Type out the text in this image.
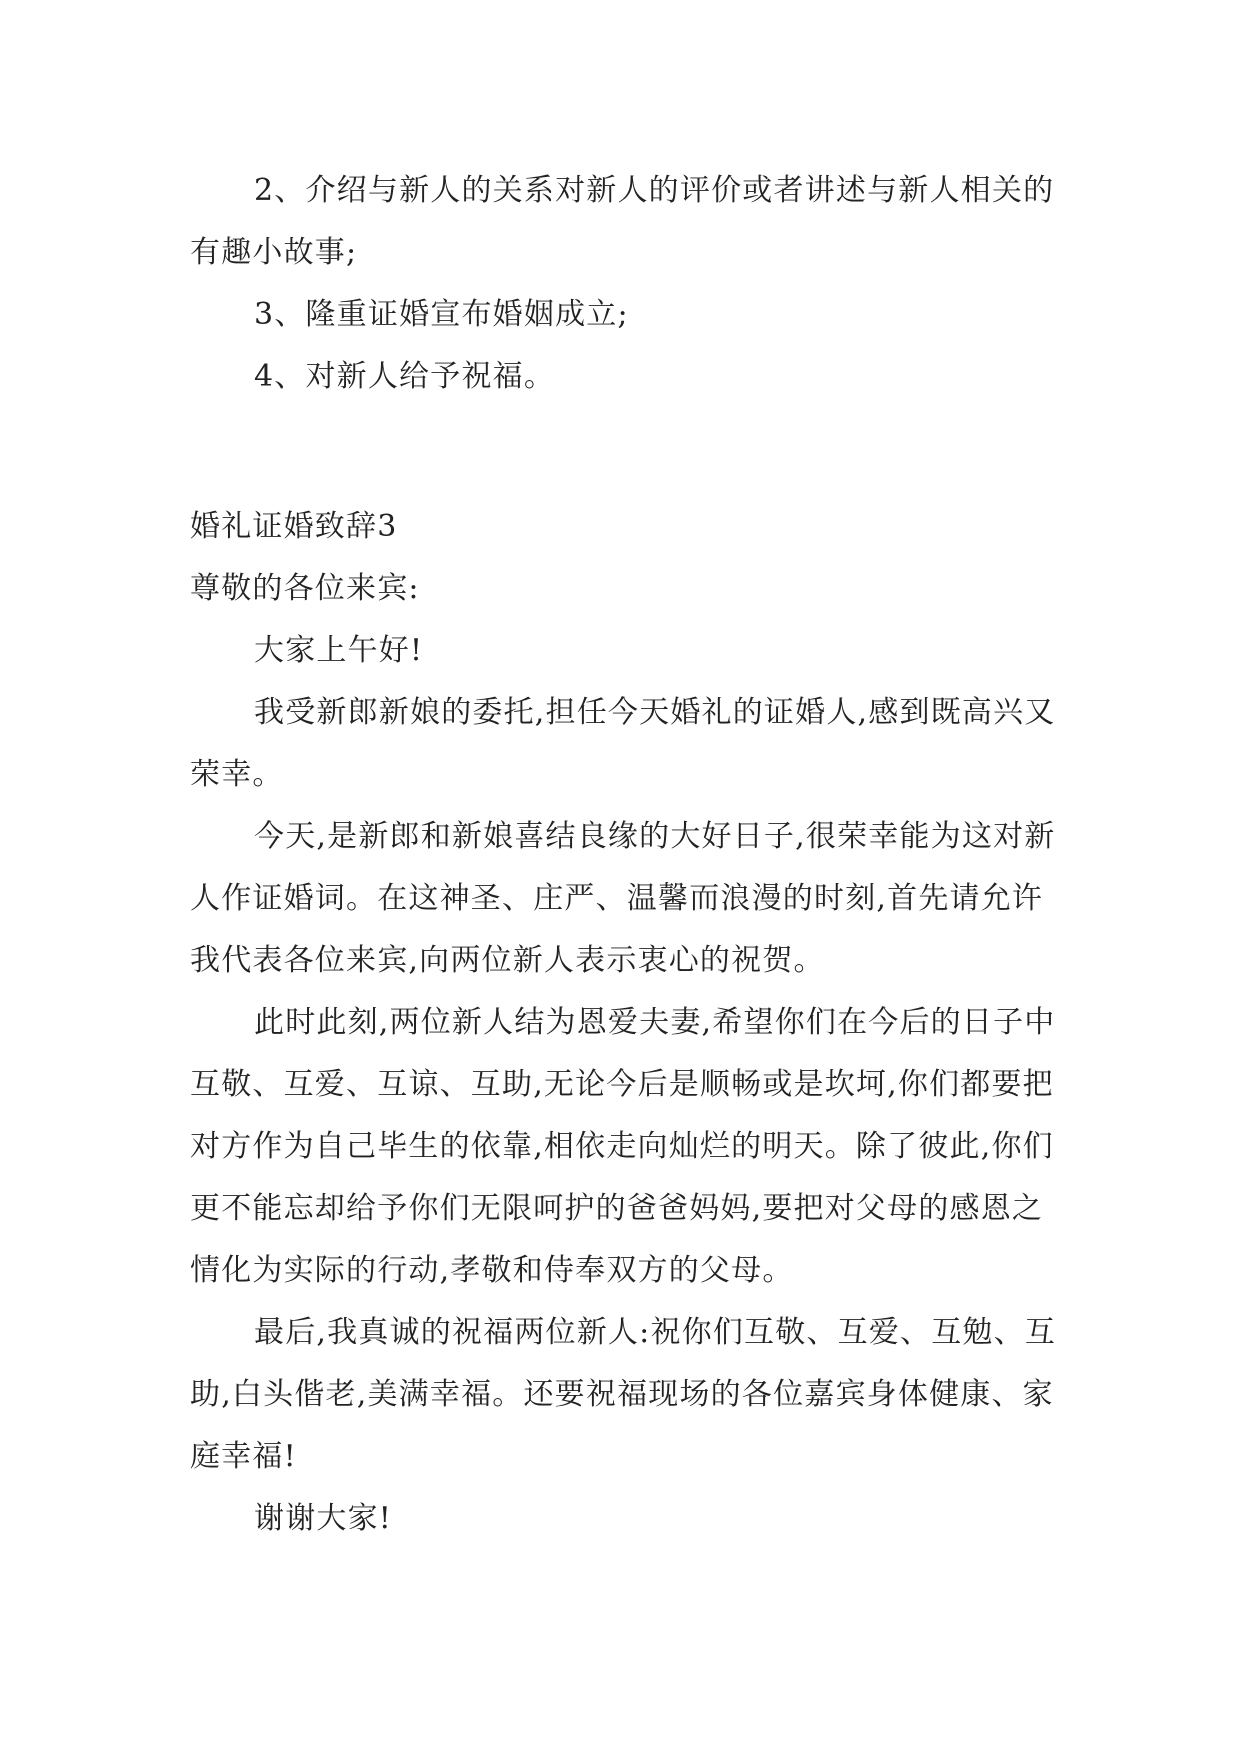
2、介绍与新人的关系对新人的评价或者讲述与新人相关的有趣小故事;

3、隆重证婚宣布婚姻成立;

4、对新人给予祝福。

婚礼证婚致辞3

尊敬的各位来宾:

大家上午好!

我受新郎新娘的委托,担任今天婚礼的证婚人,感到既高兴又荣幸。

今天,是新郎和新娘喜结良缘的大好日子,很荣幸能为这对新人作证婚词。在这神圣、庄严、温馨而浪漫的时刻,首先请允许我代表各位来宾,向两位新人表示衷心的祝贺。

此时此刻,两位新人结为恩爱夫妻,希望你们在今后的日子中互敬、互爱、互谅、互助,无论今后是顺畅或是坎坷,你们都要把对方作为自己毕生的依靠,相依走向灿烂的明天。除了彼此,你们更不能忘却给予你们无限呵护的爸爸妈妈,要把对父母的感恩之情化为实际的行动,孝敬和侍奉双方的父母。

最后,我真诚的祝福两位新人:祝你们互敬、互爱、互勉、互助,白头偕老,美满幸福。还要祝福现场的各位嘉宾身体健康、家庭幸福!

谢谢大家!
